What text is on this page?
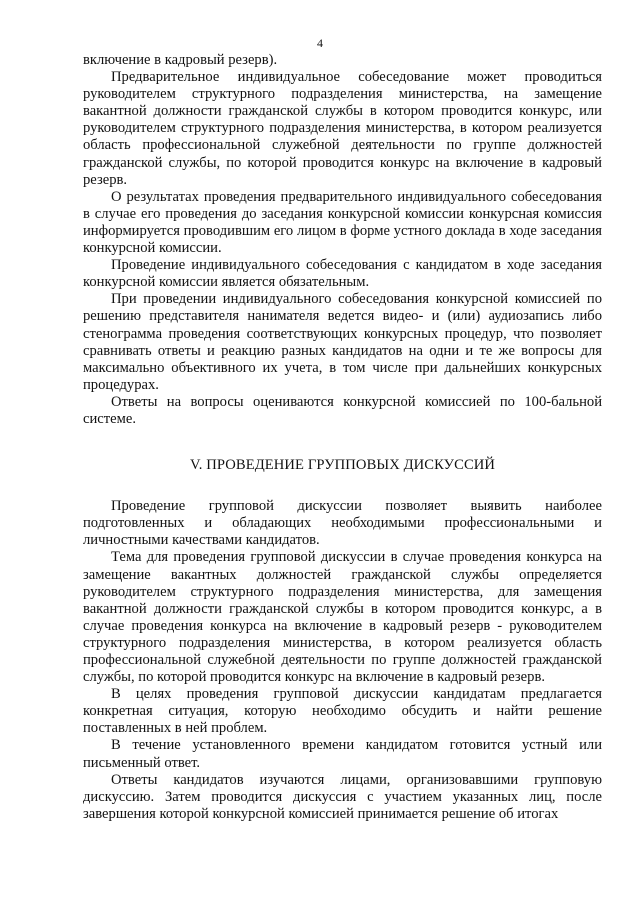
4

включение в кадровый резерв).

Предварительное индивидуальное собеседование может проводиться руководителем структурного подразделения министерства, на замещение вакантной должности гражданской службы в котором проводится конкурс, или руководителем структурного подразделения министерства, в котором реализуется область профессиональной служебной деятельности по группе должностей гражданской службы, по которой проводится конкурс на включение в кадровый резерв.

О результатах проведения предварительного индивидуального собеседования в случае его проведения до заседания конкурсной комиссии конкурсная комиссия информируется проводившим его лицом в форме устного доклада в ходе заседания конкурсной комиссии.

Проведение индивидуального собеседования с кандидатом в ходе заседания конкурсной комиссии является обязательным.

При проведении индивидуального собеседования конкурсной комиссией по решению представителя нанимателя ведется видео- и (или) аудиозапись либо стенограмма проведения соответствующих конкурсных процедур, что позволяет сравнивать ответы и реакцию разных кандидатов на одни и те же вопросы для максимально объективного их учета, в том числе при дальнейших конкурсных процедурах.

Ответы на вопросы оцениваются конкурсной комиссией по 100-бальной системе.

V. ПРОВЕДЕНИЕ ГРУППОВЫХ ДИСКУССИЙ

Проведение групповой дискуссии позволяет выявить наиболее подготовленных и обладающих необходимыми профессиональными и личностными качествами кандидатов.

Тема для проведения групповой дискуссии в случае проведения конкурса на замещение вакантных должностей гражданской службы определяется руководителем структурного подразделения министерства, для замещения вакантной должности гражданской службы в котором проводится конкурс, а в случае проведения конкурса на включение в кадровый резерв - руководителем структурного подразделения министерства, в котором реализуется область профессиональной служебной деятельности по группе должностей гражданской службы, по которой проводится конкурс на включение в кадровый резерв.

В целях проведения групповой дискуссии кандидатам предлагается конкретная ситуация, которую необходимо обсудить и найти решение поставленных в ней проблем.

В течение установленного времени кандидатом готовится устный или письменный ответ.

Ответы кандидатов изучаются лицами, организовавшими групповую дискуссию. Затем проводится дискуссия с участием указанных лиц, после завершения которой конкурсной комиссией принимается решение об итогах
